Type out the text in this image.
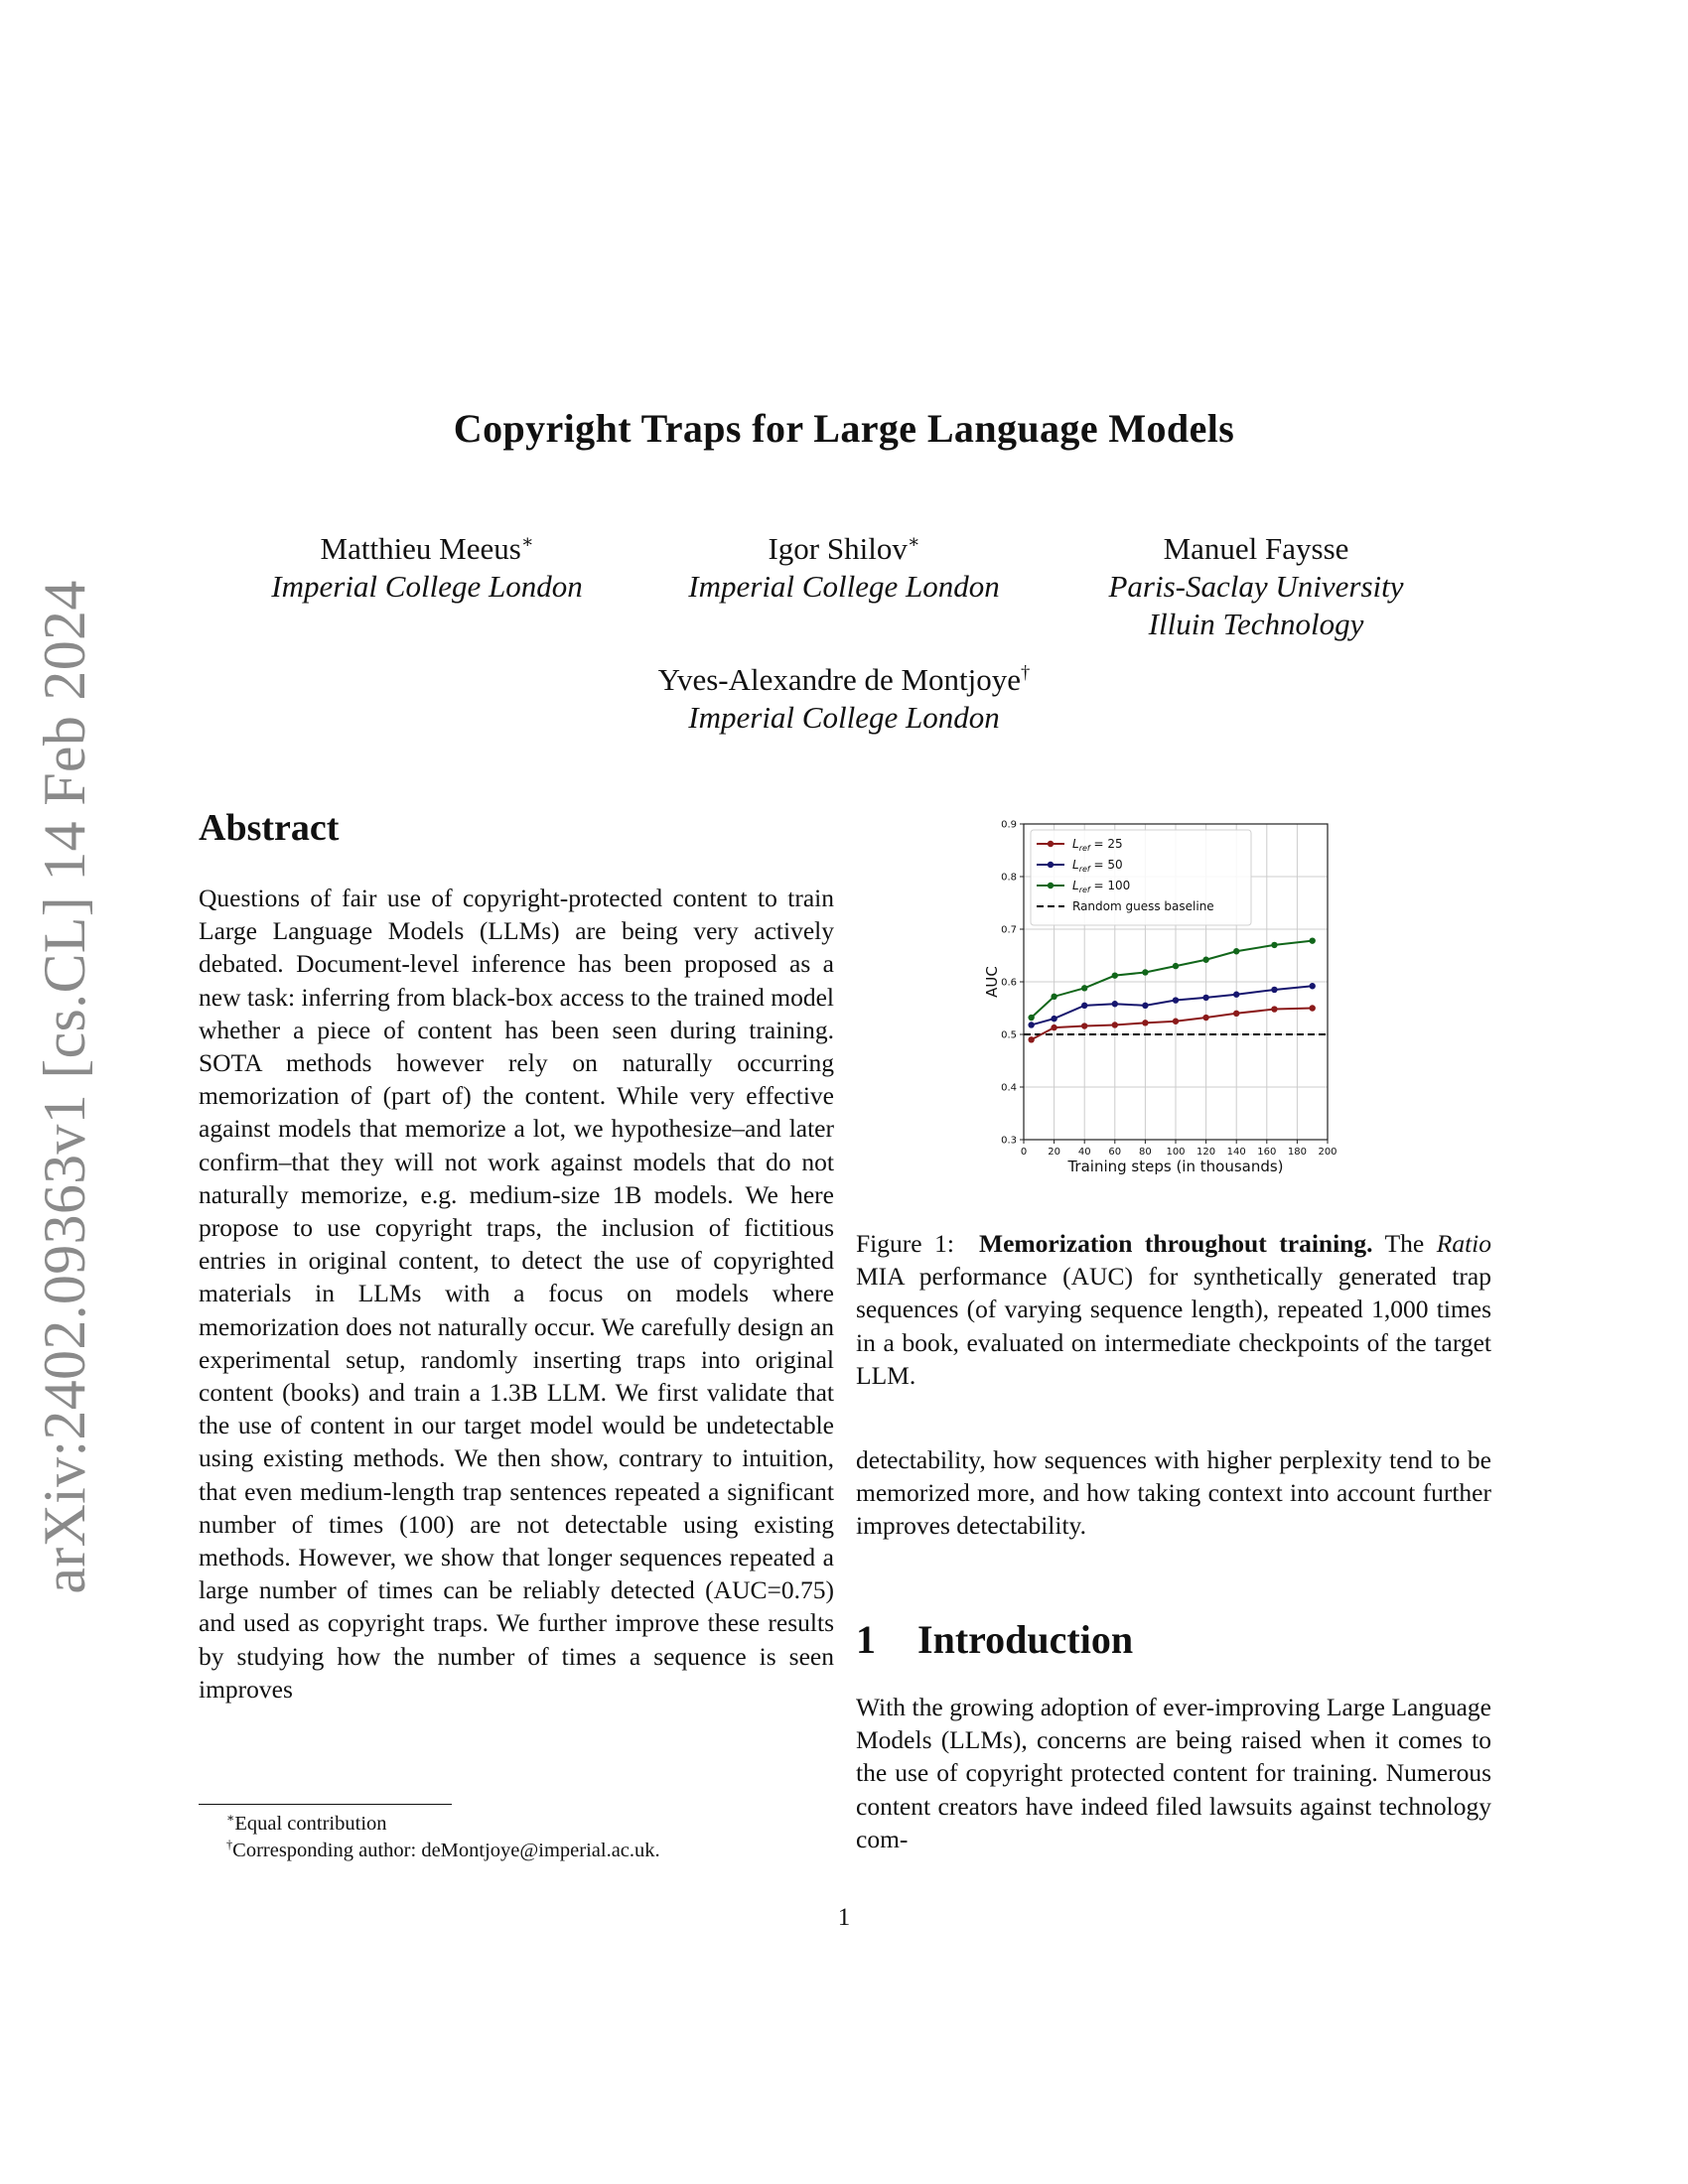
arXiv:2402.09363v1 [cs.CL] 14 Feb 2024
Copyright Traps for Large Language Models
Matthieu Meeus∗
Imperial College London
Igor Shilov∗
Imperial College London
Manuel Faysse
Paris-Saclay University
Illuin Technology
Yves-Alexandre de Montjoye†
Imperial College London
Abstract

Questions of fair use of copyright-protected content to train Large Language Models (LLMs) are being very actively debated. Document-level inference has been proposed as a new task: inferring from black-box access to the trained model whether a piece of content has been seen during training. SOTA methods however rely on naturally occurring memorization of (part of) the content. While very effective against models that memorize a lot, we hypothesize–and later confirm–that they will not work against models that do not naturally memorize, e.g. medium-size 1B models. We here propose to use copyright traps, the inclusion of fictitious entries in original content, to detect the use of copyrighted materials in LLMs with a focus on models where memorization does not naturally occur. We carefully design an experimental setup, randomly inserting traps into original content (books) and train a 1.3B LLM. We first validate that the use of content in our target model would be undetectable using existing methods. We then show, contrary to intuition, that even medium-length trap sentences repeated a significant number of times (100) are not detectable using existing methods. However, we show that longer sequences repeated a large number of times can be reliably detected (AUC=0.75) and used as copyright traps. We further improve these results by studying how the number of times a sequence is seen improves

0 20 40 60 80 100 120 140 160 180 200
0.3
0.4
0.5
0.6
0.7
0.8
0.9
$L_{ref} = 25$
$L_{ref} = 50$
$L_{ref} = 100$
Random guess baseline
Training steps (in thousands)
AUC
Figure 1: Memorization throughout training. The Ratio MIA performance (AUC) for synthetically generated trap sequences (of varying sequence length), repeated 1,000 times in a book, evaluated on intermediate checkpoints of the target LLM.

detectability, how sequences with higher perplexity tend to be memorized more, and how taking context into account further improves detectability.

1 Introduction

With the growing adoption of ever-improving Large Language Models (LLMs), concerns are being raised when it comes to the use of copyright protected content for training. Numerous content creators have indeed filed lawsuits against technology com-

∗Equal contribution
†Corresponding author: deMontjoye@imperial.ac.uk.
1
